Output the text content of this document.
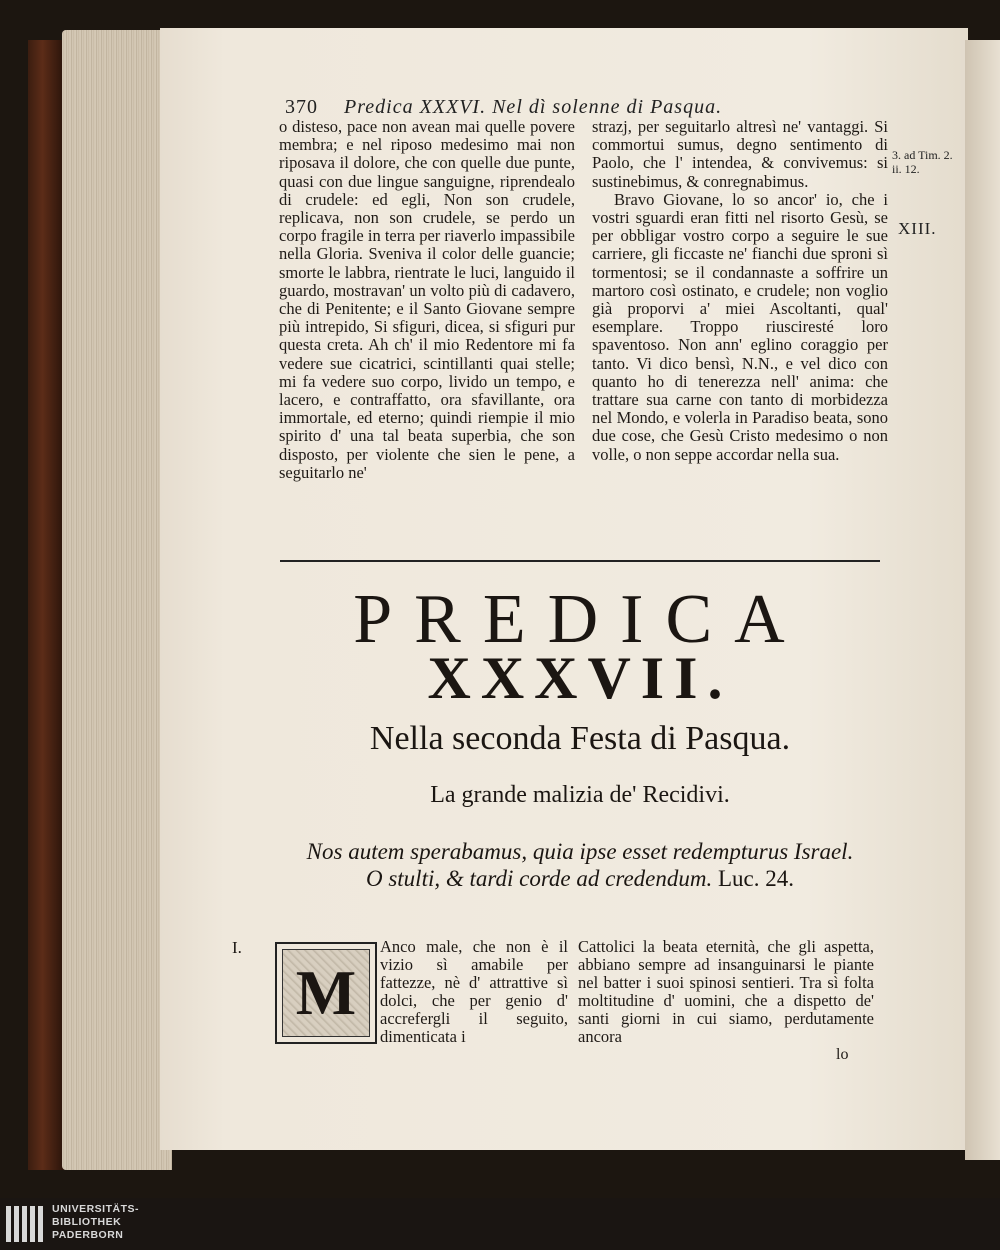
370 Predica XXXVI. Nel dì solenne di Pasqua.

o disteso, pace non avean mai quelle povere membra; e nel riposo medesimo mai non riposava il dolore, che con quelle due punte, quasi con due lingue sanguigne, riprendealo di crudele: ed egli, Non son crudele, replicava, non son crudele, se perdo un corpo fragile in terra per riaverlo impassibile nella Gloria. Sveniva il color delle guancie; smorte le labbra, rientrate le luci, languido il guardo, mostravan' un volto più di cadavero, che di Penitente; e il Santo Giovane sempre più intrepido, Si sfiguri, dicea, si sfiguri pur questa creta. Ah ch' il mio Redentore mi fa vedere sue cicatrici, scintillanti quai stelle; mi fa vedere suo corpo, livido un tempo, e lacero, e contraffatto, ora sfavillante, ora immortale, ed eterno; quindi riempie il mio spirito d' una tal beata superbia, che son disposto, per violente che sien le pene, a seguitarlo ne'

strazj, per seguitarlo altresì ne' vantaggi. Si commortui sumus, degno sentimento di Paolo, che l' intendea, & convivemus: si sustinebimus, & conregnabimus.

Bravo Giovane, lo so ancor' io, che i vostri sguardi eran fitti nel risorto Gesù, se per obbligar vostro corpo a seguire le sue carriere, gli ficcaste ne' fianchi due sproni sì tormentosi; se il condannaste a soffrire un martoro così ostinato, e crudele; non voglio già proporvi a' miei Ascoltanti, qual' esemplare. Troppo riusciresté loro spaventoso. Non ann' eglino coraggio per tanto. Vi dico bensì, N.N., e vel dico con quanto ho di tenerezza nell' anima: che trattare sua carne con tanto di morbidezza nel Mondo, e volerla in Paradiso beata, sono due cose, che Gesù Cristo medesimo o non volle, o non seppe accordar nella sua.

3. ad Tim. 2. ii. 12.
XIII.
PREDICA
XXXVII.
Nella seconda Festa di Pasqua.
La grande malizia de' Recidivi.
Nos autem sperabamus, quia ipse esset redempturus Israel. O stulti, & tardi corde ad credendum. Luc. 24.
I.
M
Anco male, che non è il vizio sì amabile per fattezze, nè d' attrattive sì dolci, che per genio d' accrefergli il seguito, dimenticata i
Cattolici la beata eternità, che gli aspetta, abbiano sempre ad insanguinarsi le piante nel batter i suoi spinosi sentieri. Tra sì folta moltitudine d' uomini, che a dispetto de' santi giorni in cui siamo, perdutamente ancora
lo
UNIVERSITÄTS-
BIBLIOTHEK
PADERBORN
